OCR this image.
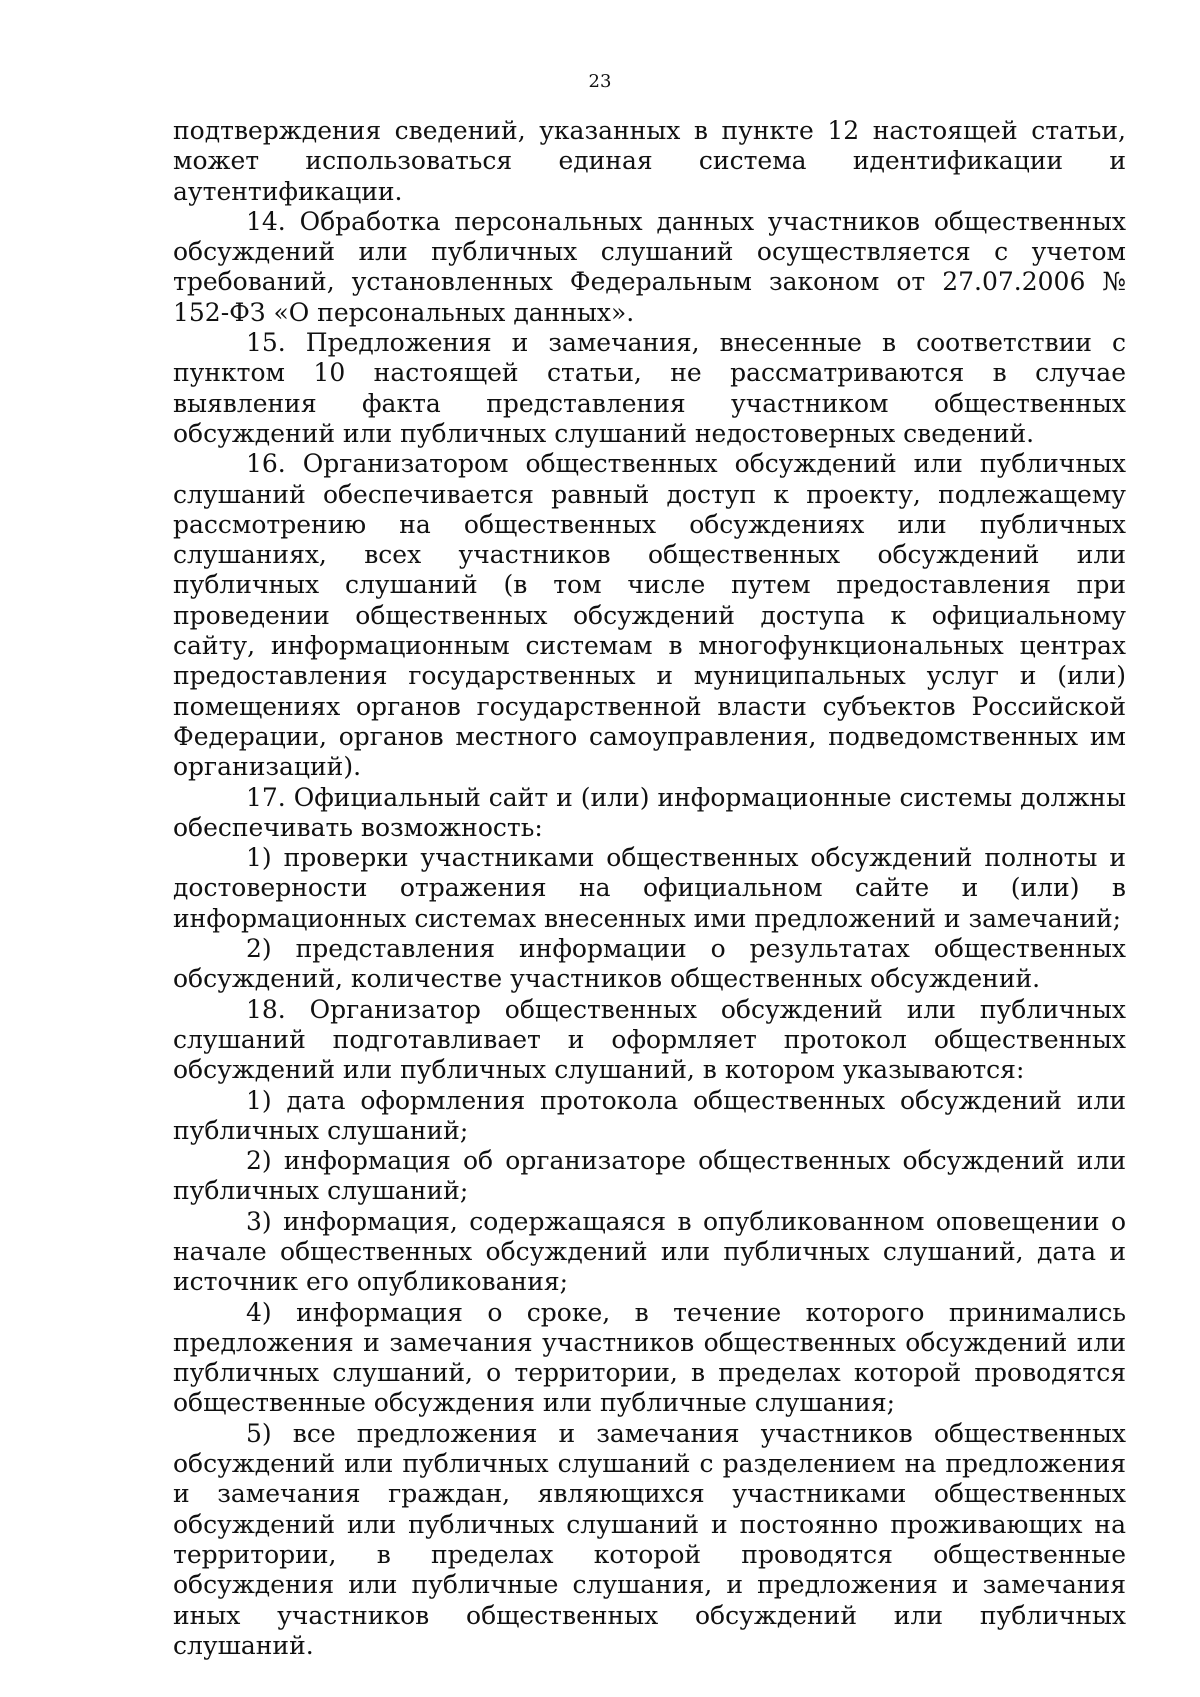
23

подтверждения сведений, указанных в пункте 12 настоящей статьи, может использоваться единая система идентификации и аутентификации.

14. Обработка персональных данных участников общественных обсуждений или публичных слушаний осуществляется с учетом требований, установленных Федеральным законом от 27.07.2006 № 152-ФЗ «О персональных данных».

15. Предложения и замечания, внесенные в соответствии с пунктом 10 настоящей статьи, не рассматриваются в случае выявления факта представления участником общественных обсуждений или публичных слушаний недостоверных сведений.

16. Организатором общественных обсуждений или публичных слушаний обеспечивается равный доступ к проекту, подлежащему рассмотрению на общественных обсуждениях или публичных слушаниях, всех участников общественных обсуждений или публичных слушаний (в том числе путем предоставления при проведении общественных обсуждений доступа к официальному сайту, информационным системам в многофункциональных центрах предоставления государственных и муниципальных услуг и (или) помещениях органов государственной власти субъектов Российской Федерации, органов местного самоуправления, подведомственных им организаций).

17. Официальный сайт и (или) информационные системы должны обеспечивать возможность:

1) проверки участниками общественных обсуждений полноты и достоверности отражения на официальном сайте и (или) в информационных системах внесенных ими предложений и замечаний;

2) представления информации о результатах общественных обсуждений, количестве участников общественных обсуждений.

18. Организатор общественных обсуждений или публичных слушаний подготавливает и оформляет протокол общественных обсуждений или публичных слушаний, в котором указываются:

1) дата оформления протокола общественных обсуждений или публичных слушаний;

2) информация об организаторе общественных обсуждений или публичных слушаний;

3) информация, содержащаяся в опубликованном оповещении о начале общественных обсуждений или публичных слушаний, дата и источник его опубликования;

4) информация о сроке, в течение которого принимались предложения и замечания участников общественных обсуждений или публичных слушаний, о территории, в пределах которой проводятся общественные обсуждения или публичные слушания;

5) все предложения и замечания участников общественных обсуждений или публичных слушаний с разделением на предложения и замечания граждан, являющихся участниками общественных обсуждений или публичных слушаний и постоянно проживающих на территории, в пределах которой проводятся общественные обсуждения или публичные слушания, и предложения и замечания иных участников общественных обсуждений или публичных слушаний.
